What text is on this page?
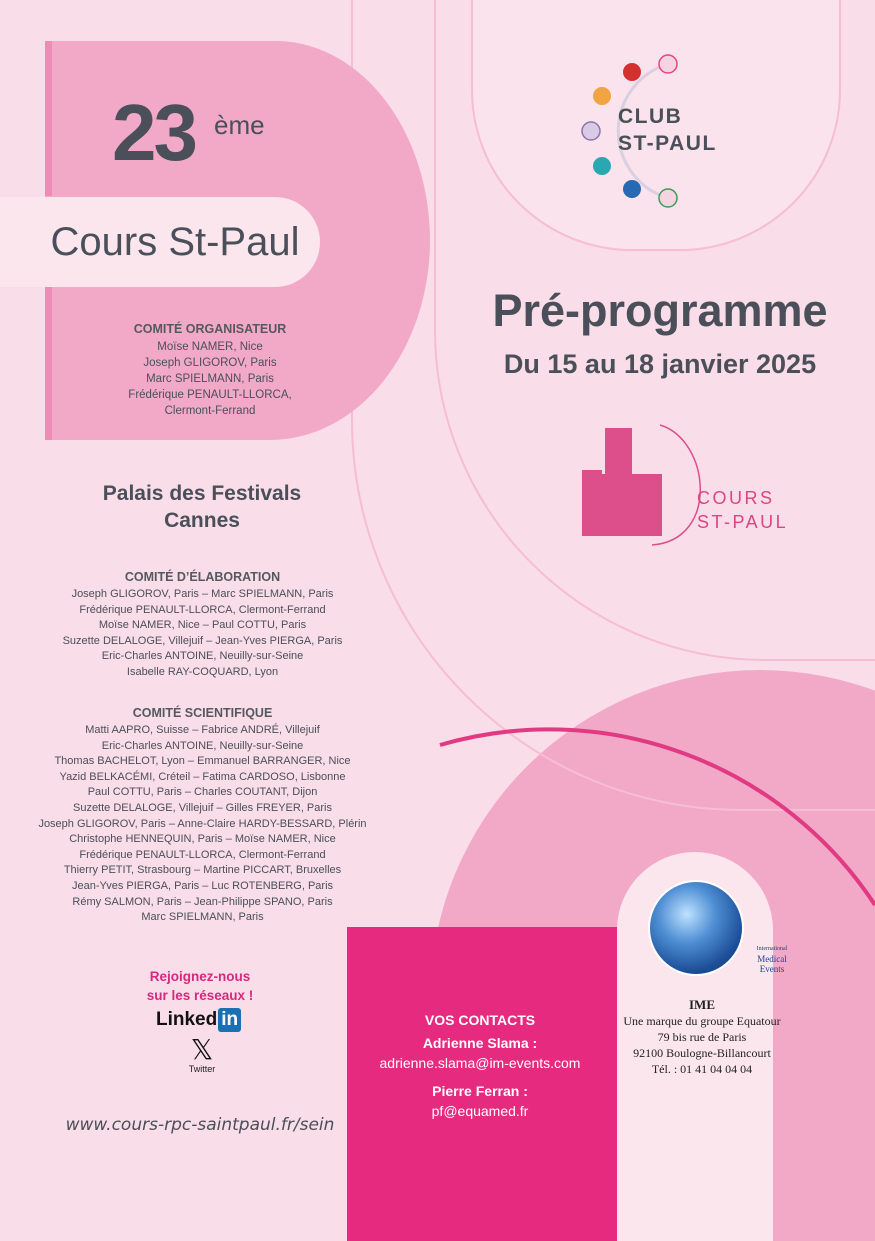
23 ème
Cours St-Paul
COMITÉ ORGANISATEUR
Moïse NAMER, Nice
Joseph GLIGOROV, Paris
Marc SPIELMANN, Paris
Frédérique PENAULT-LLORCA,
Clermont-Ferrand
Palais des Festivals
Cannes
COMITÉ D’ÉLABORATION
Joseph GLIGOROV, Paris – Marc SPIELMANN, Paris
Frédérique PENAULT-LLORCA, Clermont-Ferrand
Moïse NAMER, Nice – Paul COTTU, Paris
Suzette DELALOGE, Villejuif – Jean-Yves PIERGA, Paris
Eric-Charles ANTOINE, Neuilly-sur-Seine
Isabelle RAY-COQUARD, Lyon
COMITÉ SCIENTIFIQUE
Matti AAPRO, Suisse – Fabrice ANDRÉ, Villejuif
Eric-Charles ANTOINE, Neuilly-sur-Seine
Thomas BACHELOT, Lyon – Emmanuel BARRANGER, Nice
Yazid BELKACÉMI, Créteil – Fatima CARDOSO, Lisbonne
Paul COTTU, Paris – Charles COUTANT, Dijon
Suzette DELALOGE, Villejuif – Gilles FREYER, Paris
Joseph GLIGOROV, Paris – Anne-Claire HARDY-BESSARD, Plérin
Christophe HENNEQUIN, Paris – Moïse NAMER, Nice
Frédérique PENAULT-LLORCA, Clermont-Ferrand
Thierry PETIT, Strasbourg – Martine PICCART, Bruxelles
Jean-Yves PIERGA, Paris – Luc ROTENBERG, Paris
Rémy SALMON, Paris – Jean-Philippe SPANO, Paris
Marc SPIELMANN, Paris
Rejoignez-nous
sur les réseaux !
Linked in
𝕏
Twitter
www.cours-rpc-saintpaul.fr/sein
CLUB
ST-PAUL
Pré-programme
Du 15 au 18 janvier 2025
COURS
ST-PAUL
VOS CONTACTS
Adrienne Slama :
adrienne.slama@im-events.com
Pierre Ferran :
pf@equamed.fr
International
Medical
Events
IME
Une marque du groupe Equatour
79 bis rue de Paris
92100 Boulogne-Billancourt
Tél. : 01 41 04 04 04
